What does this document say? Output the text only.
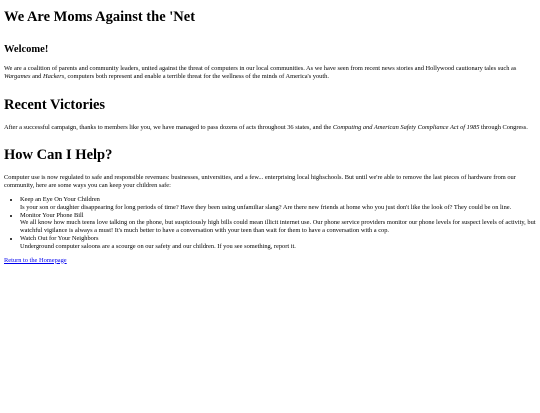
We Are Moms Against the 'Net
Welcome!

We are a coalition of parents and community leaders, united against the threat of computers in our local communities. As we have seen from recent news stories and Hollywood cautionary tales such as Wargames and Hackers, computers both represent and enable a terrible threat for the wellness of the minds of America's youth.

Recent Victories

After a successful campaign, thanks to members like you, we have managed to pass dozens of acts throughout 36 states, and the Computing and American Safety Compliance Act of 1985 through Congress.

How Can I Help?

Computer use is now regulated to safe and responsible revenues: businesses, universities, and a few... enterprising local highschools. But until we're able to remove the last pieces of hardware from our community, here are some ways you can keep your children safe:

• Keep an Eye On Your Children
Is your son or daughter disappearing for long periods of time? Have they been using unfamiliar slang? Are there new friends at home who you just don't like the look of? They could be on line.
• Monitor Your Phone Bill
We all know how much teens love talking on the phone, but suspiciously high bills could mean illicit internet use. Our phone service providers monitor our phone levels for suspect levels of activity, but watchful vigilance is always a must! It's much better to have a conversation with your teen than wait for them to have a conversation with a cop.
• Watch Out for Your Neighbors
Underground computer saloons are a scourge on our safety and our children. If you see something, report it.
Return to the Homepage
